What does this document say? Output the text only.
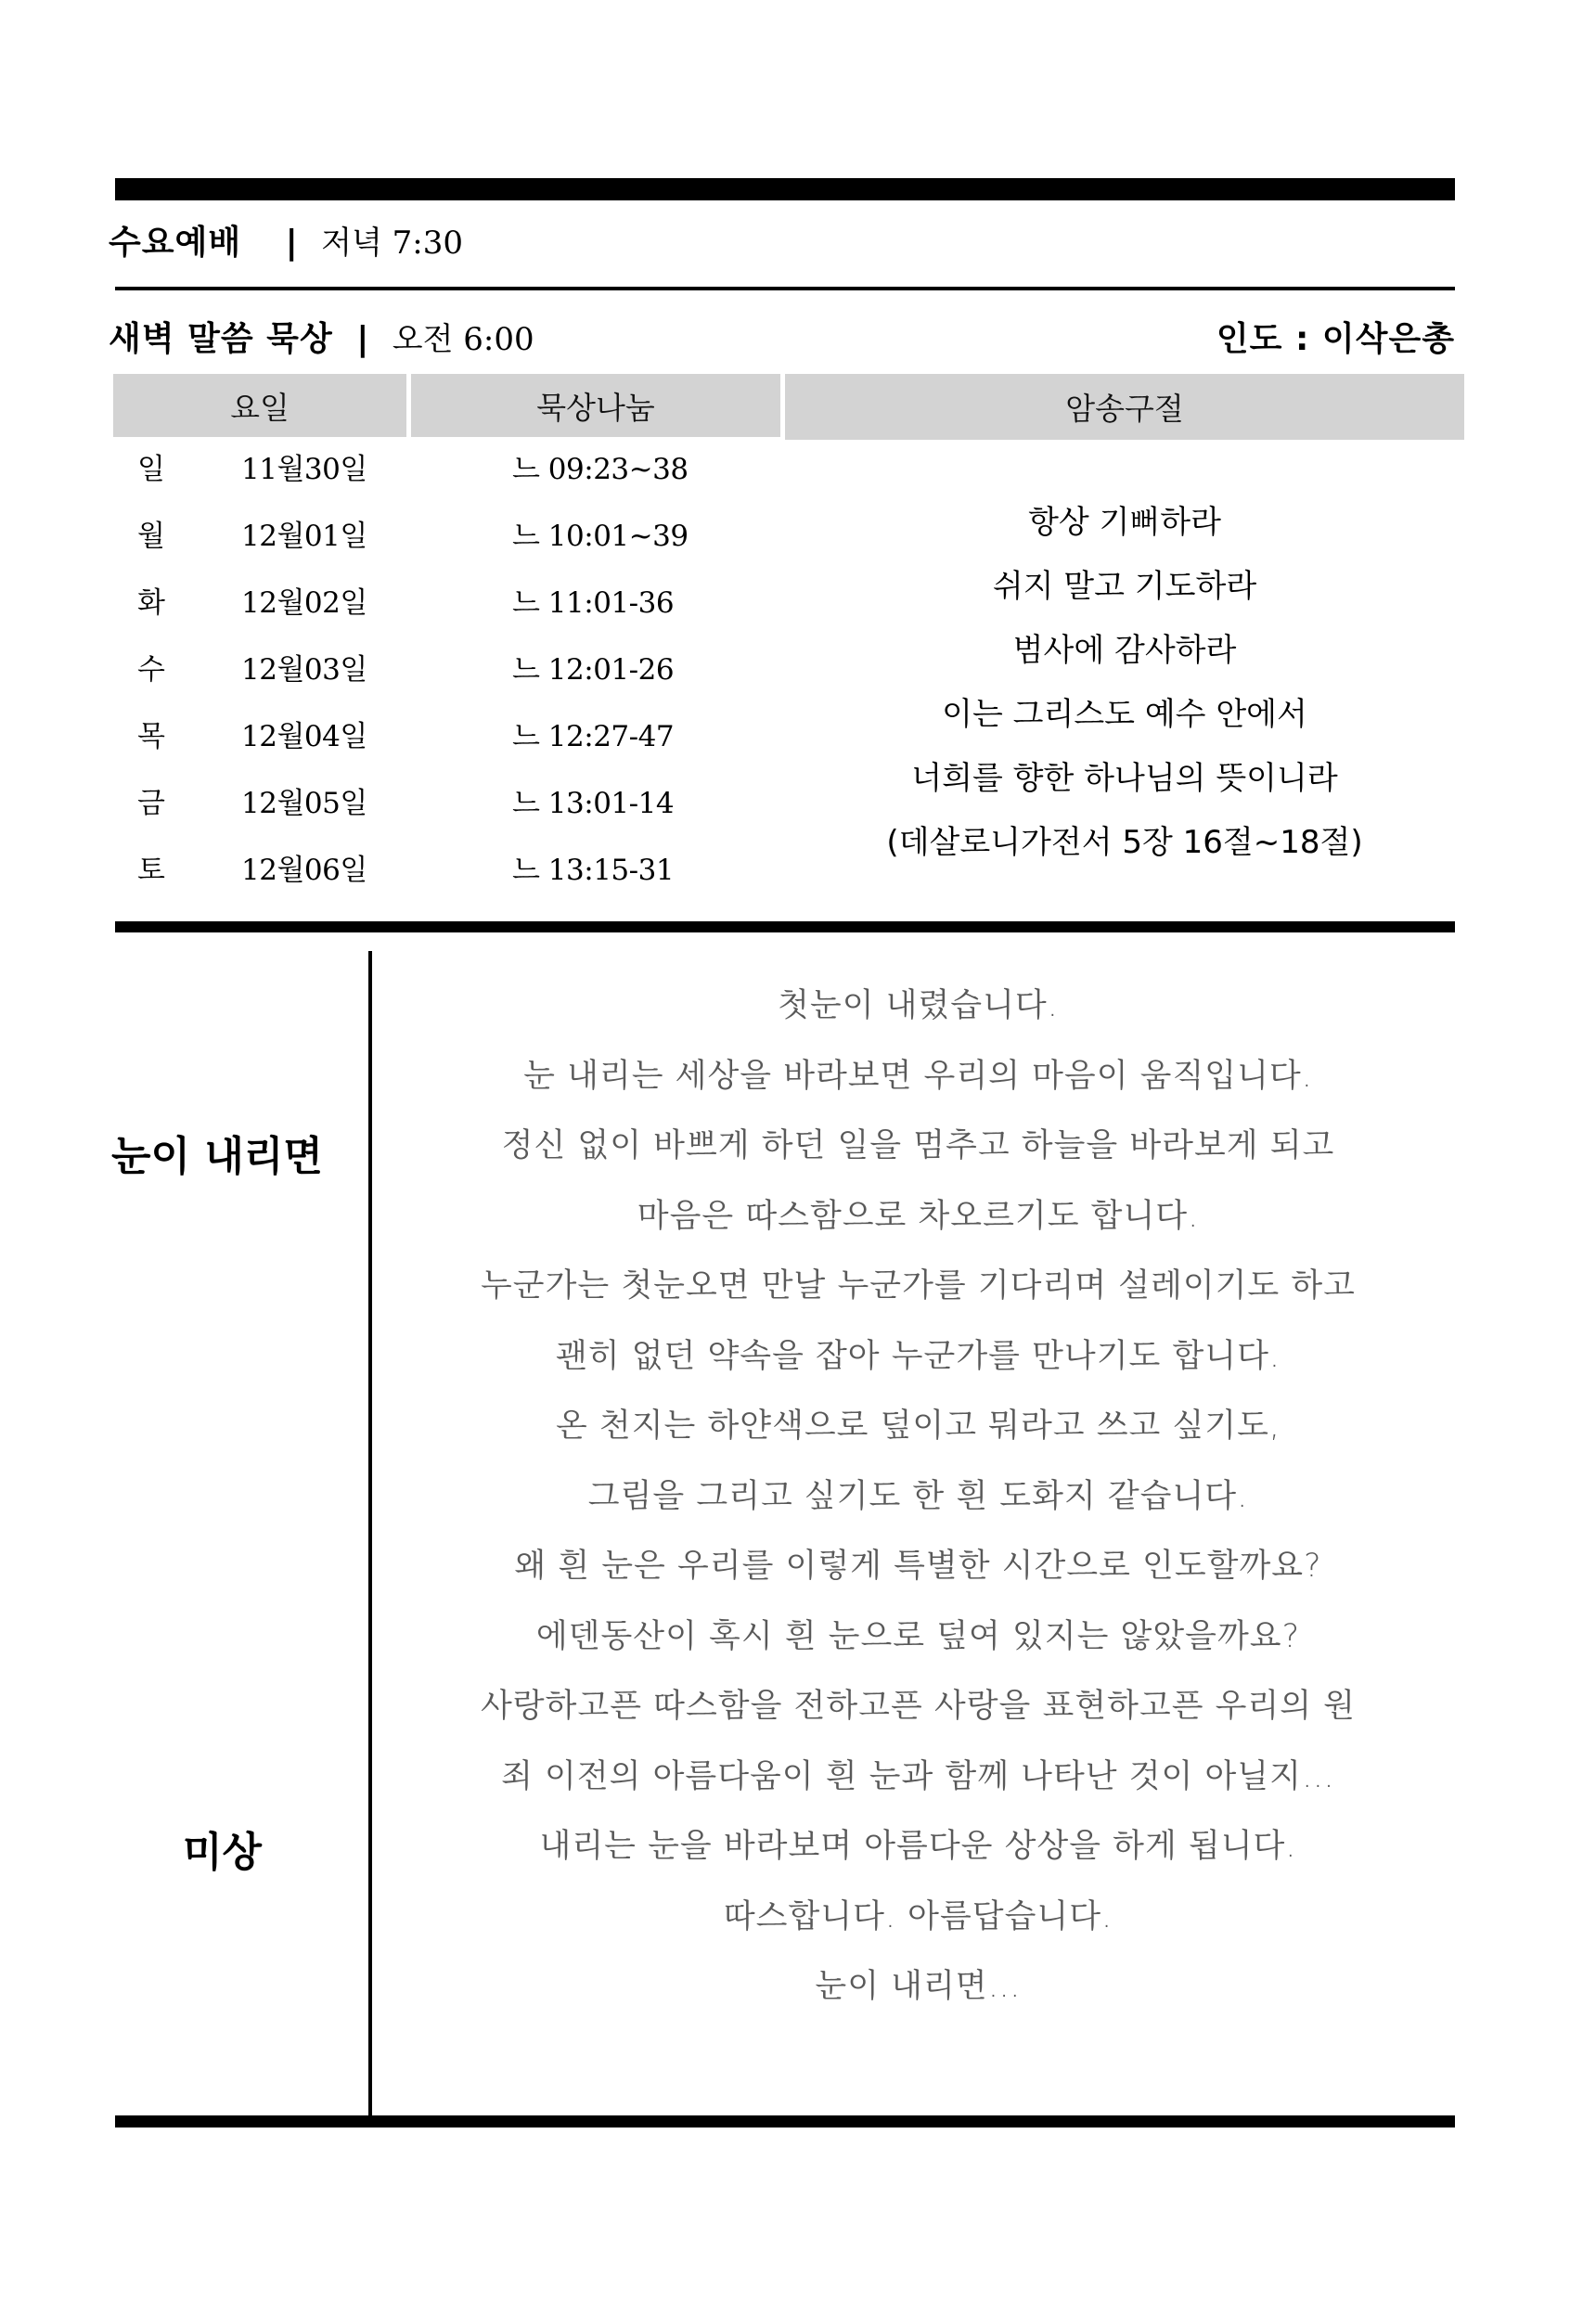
수요예배 | 저녁 7:30
새벽 말씀 묵상 | 오전 6:00	인도 : 이삭은총
요일	묵상나눔	암송구절
일	11월30일	느 09:23~38
월	12월01일	느 10:01~39
화	12월02일	느 11:01-36
수	12월03일	느 12:01-26
목	12월04일	느 12:27-47
금	12월05일	느 13:01-14
토	12월06일	느 13:15-31
항상 기뻐하라
쉬지 말고 기도하라
범사에 감사하라
이는 그리스도 예수 안에서
너희를 향한 하나님의 뜻이니라
(데살로니가전서 5장 16절~18절)
눈이 내리면
미상
첫눈이 내렸습니다.
눈 내리는 세상을 바라보면 우리의 마음이 움직입니다.
정신 없이 바쁘게 하던 일을 멈추고 하늘을 바라보게 되고
마음은 따스함으로 차오르기도 합니다.
누군가는 첫눈오면 만날 누군가를 기다리며 설레이기도 하고
괜히 없던 약속을 잡아 누군가를 만나기도 합니다.
온 천지는 하얀색으로 덮이고 뭐라고 쓰고 싶기도,
그림을 그리고 싶기도 한 흰 도화지 같습니다.
왜 흰 눈은 우리를 이렇게 특별한 시간으로 인도할까요?
에덴동산이 혹시 흰 눈으로 덮여 있지는 않았을까요?
사랑하고픈 따스함을 전하고픈 사랑을 표현하고픈 우리의 원
죄 이전의 아름다움이 흰 눈과 함께 나타난 것이 아닐지…
내리는 눈을 바라보며 아름다운 상상을 하게 됩니다.
따스합니다. 아름답습니다.
눈이 내리면…
